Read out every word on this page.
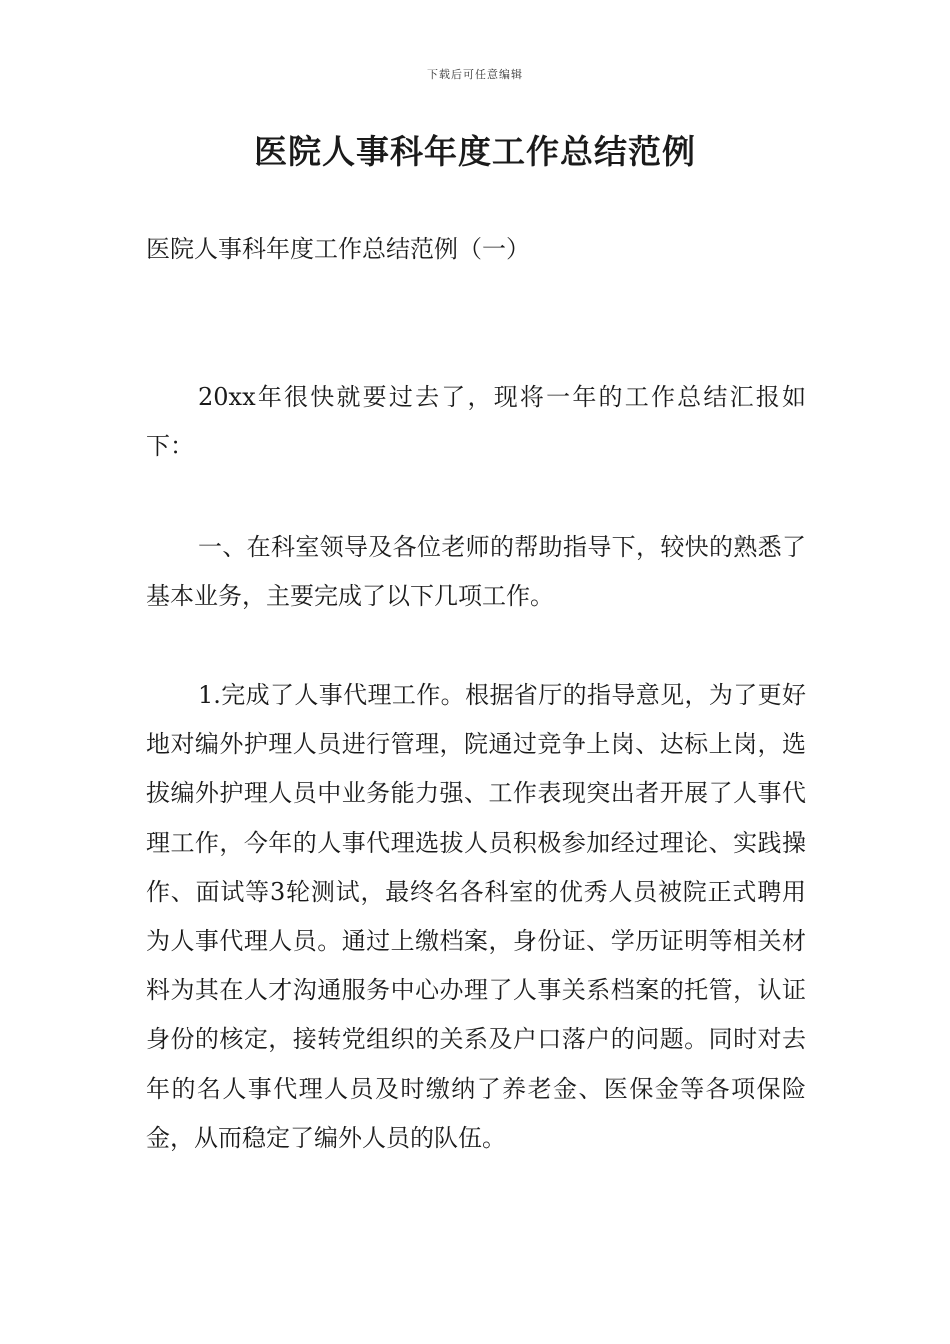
下载后可任意编辑
医院人事科年度工作总结范例

医院人事科年度工作总结范例（一）

20xx年很快就要过去了，现将一年的工作总结汇报如下：

一、在科室领导及各位老师的帮助指导下，较快的熟悉了基本业务，主要完成了以下几项工作。

1.完成了人事代理工作。根据省厅的指导意见，为了更好地对编外护理人员进行管理，院通过竞争上岗、达标上岗，选拔编外护理人员中业务能力强、工作表现突出者开展了人事代理工作，今年的人事代理选拔人员积极参加经过理论、实践操作、面试等3轮测试，最终名各科室的优秀人员被院正式聘用为人事代理人员。通过上缴档案，身份证、学历证明等相关材料为其在人才沟通服务中心办理了人事关系档案的托管，认证身份的核定，接转党组织的关系及户口落户的问题。同时对去年的名人事代理人员及时缴纳了养老金、医保金等各项保险金，从而稳定了编外人员的队伍。
